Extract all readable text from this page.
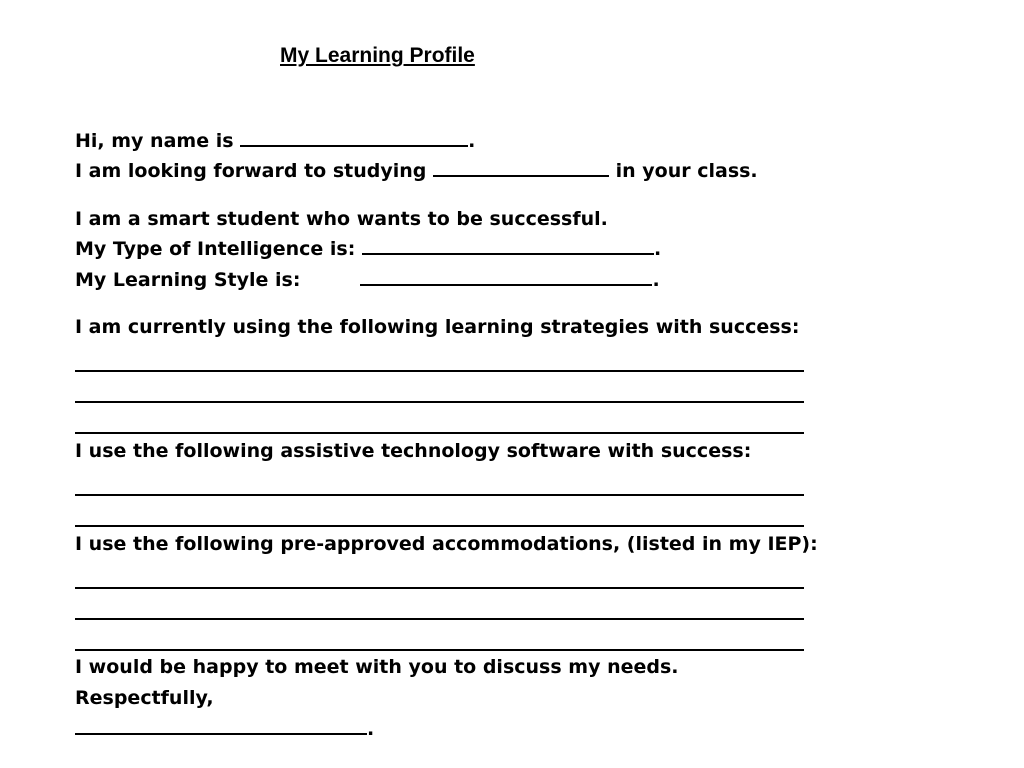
My Learning Profile
Hi, my name is	.
I am looking forward to studying	in your class.
I am a smart student who wants to be successful.
My Type of Intelligence is:	.
My Learning Style is:	.
I am currently using the following learning strategies with success:
I use the following assistive technology software with success:
I use the following pre-approved accommodations, (listed in my IEP):
I would be happy to meet with you to discuss my needs.
Respectfully,
.
